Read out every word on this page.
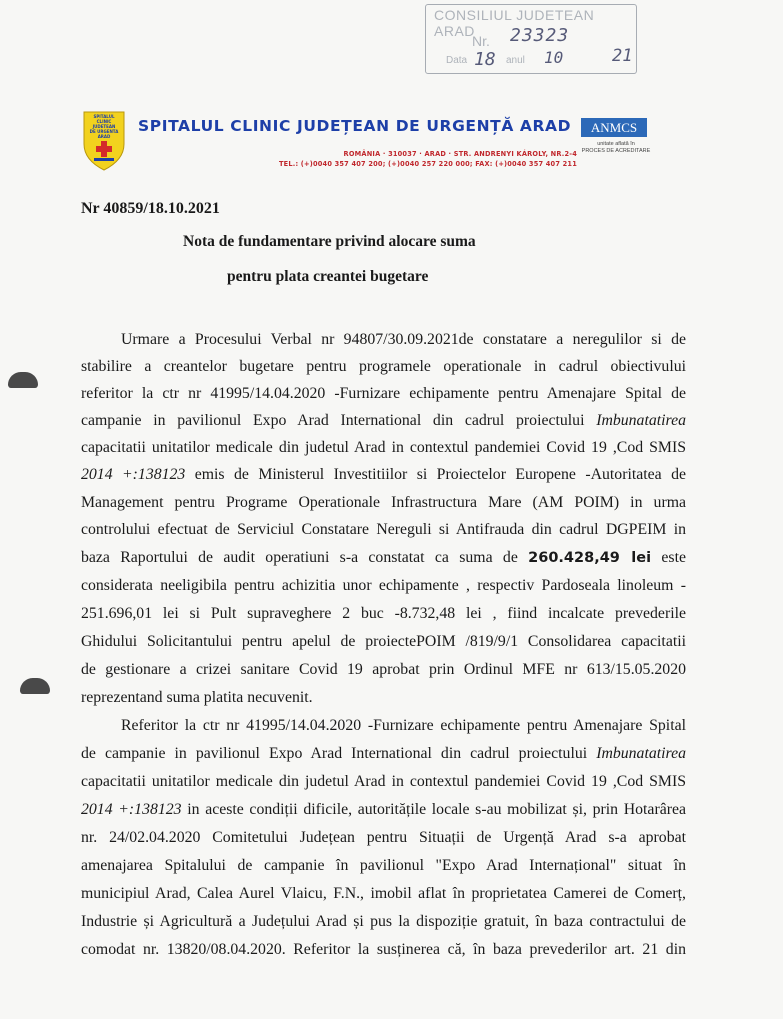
CONSILIUL JUDETEAN ARAD
Nr. 23323
Data	anul
18	10	21
SPITALUL
CLINIC
JUDETEAN
DE URGENTA
ARAD
SPITALUL CLINIC JUDEȚEAN DE URGENȚĂ ARAD
ROMÂNIA · 310037 · ARAD · STR. ANDRENYI KÁROLY, NR.2-4
TEL.: (+)0040 357 407 200; (+)0040 257 220 000; FAX: (+)0040 357 407 211
ANMCS
unitate aflată în
PROCES DE ACREDITARE
Nr 40859/18.10.2021
Nota de fundamentare privind alocare suma
pentru plata creantei bugetare
Urmare a Procesului Verbal nr 94807/30.09.2021de constatare a neregulilor si de
stabilire a creantelor bugetare pentru programele operationale in cadrul obiectivului
referitor la ctr nr 41995/14.04.2020 -Furnizare echipamente pentru Amenajare Spital de
campanie in pavilionul Expo Arad International din cadrul proiectului Imbunatatirea
capacitatii unitatilor medicale din judetul Arad in contextul pandemiei Covid 19 ,Cod SMIS
2014 +:138123 emis de Ministerul Investitiilor si Proiectelor Europene -Autoritatea de
Management pentru Programe Operationale Infrastructura Mare (AM POIM) in urma
controlului efectuat de Serviciul Constatare Nereguli si Antifrauda din cadrul DGPEIM in
baza Raportului de audit operatiuni s-a constatat ca suma de 260.428,49 lei este
considerata neeligibila pentru achizitia unor echipamente , respectiv Pardoseala linoleum -
251.696,01 lei si Pult supraveghere 2 buc -8.732,48 lei , fiind incalcate prevederile
Ghidului Solicitantului pentru apelul de proiectePOIM /819/9/1 Consolidarea capacitatii
de gestionare a crizei sanitare Covid 19 aprobat prin Ordinul MFE nr 613/15.05.2020
reprezentand suma platita necuvenit.
Referitor la ctr nr 41995/14.04.2020 -Furnizare echipamente pentru Amenajare Spital
de campanie in pavilionul Expo Arad International din cadrul proiectului Imbunatatirea
capacitatii unitatilor medicale din judetul Arad in contextul pandemiei Covid 19 ,Cod SMIS
2014 +:138123 in aceste condiții dificile, autoritățile locale s-au mobilizat și, prin Hotarârea
nr. 24/02.04.2020 Comitetului Județean pentru Situații de Urgență Arad s-a aprobat
amenajarea Spitalului de campanie în pavilionul "Expo Arad Internațional" situat în
municipiul Arad, Calea Aurel Vlaicu, F.N., imobil aflat în proprietatea Camerei de Comerț,
Industrie și Agricultură a Județului Arad și pus la dispoziție gratuit, în baza contractului de
comodat nr. 13820/08.04.2020. Referitor la susținerea că, în baza prevederilor art. 21 din
